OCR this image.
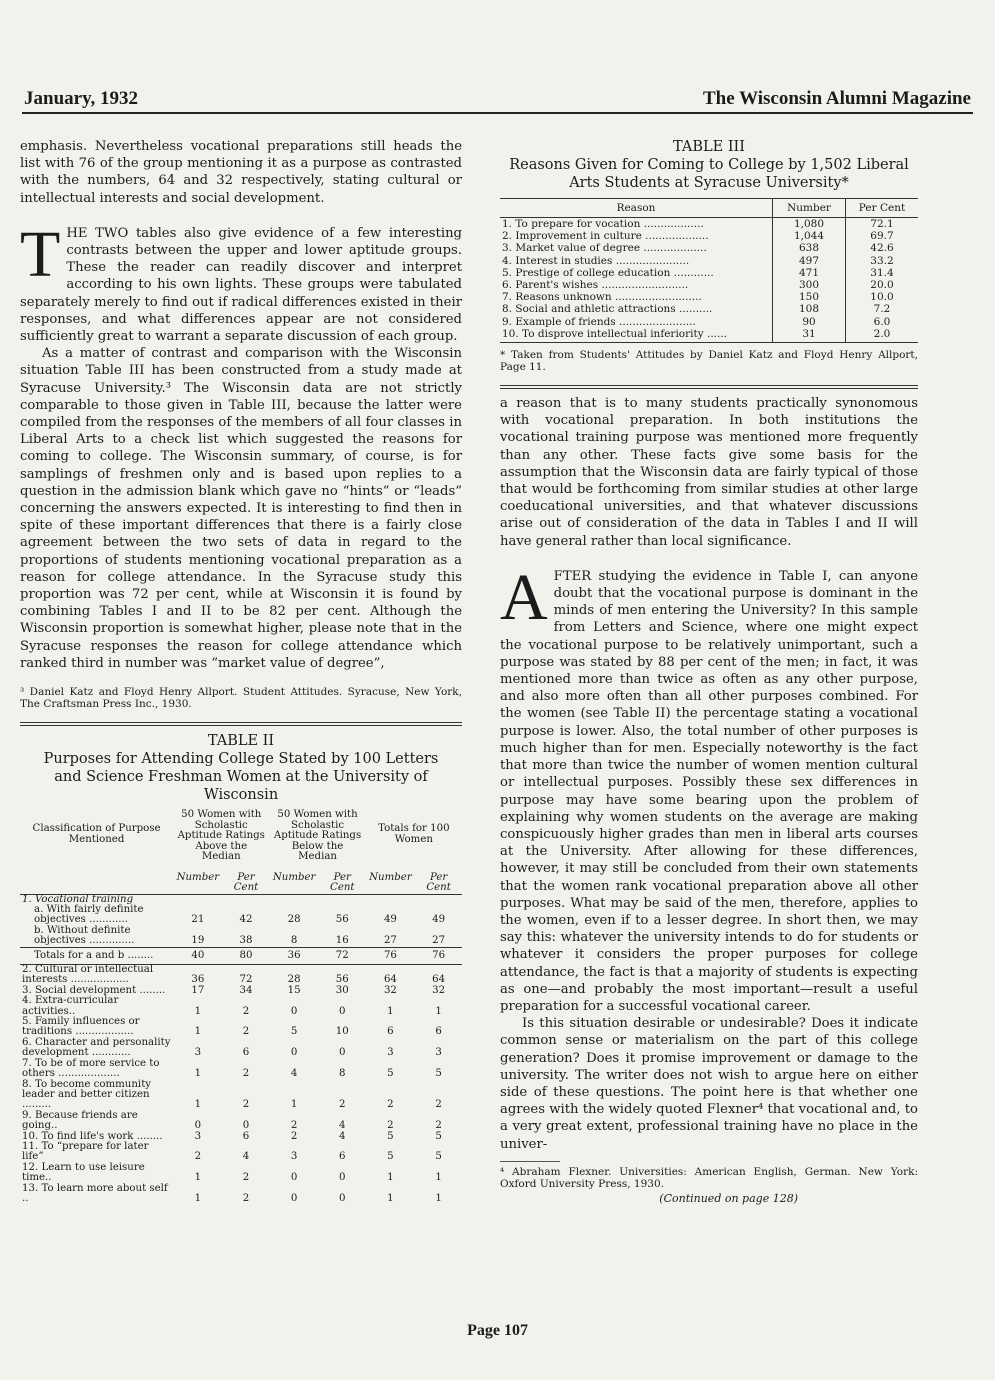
January, 1932	The Wisconsin Alumni Magazine

emphasis. Nevertheless vocational preparations still heads the list with 76 of the group mentioning it as a purpose as contrasted with the numbers, 64 and 32 respectively, stating cultural or intellectual interests and social development.

THE TWO tables also give evidence of a few interesting contrasts between the upper and lower aptitude groups. These the reader can readily discover and interpret according to his own lights. These groups were tabulated separately merely to find out if radical differences existed in their responses, and what differences appear are not considered sufficiently great to warrant a separate discussion of each group.

As a matter of contrast and comparison with the Wisconsin situation Table III has been constructed from a study made at Syracuse University.³ The Wisconsin data are not strictly comparable to those given in Table III, because the latter were compiled from the responses of the members of all four classes in Liberal Arts to a check list which suggested the reasons for coming to college. The Wisconsin summary, of course, is for samplings of freshmen only and is based upon replies to a question in the admission blank which gave no “hints” or “leads” concerning the answers expected. It is interesting to find then in spite of these important differences that there is a fairly close agreement between the two sets of data in regard to the proportions of students mentioning vocational preparation as a reason for college attendance. In the Syracuse study this proportion was 72 per cent, while at Wisconsin it is found by combining Tables I and II to be 82 per cent. Although the Wisconsin proportion is somewhat higher, please note that in the Syracuse responses the reason for college attendance which ranked third in number was “market value of degree”,

³ Daniel Katz and Floyd Henry Allport. Student Attitudes. Syracuse, New York, The Craftsman Press Inc., 1930.
TABLE II
Purposes for Attending College Stated by 100 Letters and Science Freshman Women at the University of Wisconsin
Classification of Purpose Mentioned	50 Women with Scholastic Aptitude Ratings Above the Median		50 Women with Scholastic Aptitude Ratings Below the Median		Totals for 100 Women	
	Number	Per Cent	Number	Per Cent	Number	Per Cent
1. Vocational training						
a. With fairly definite objectives ............	21	42	28	56	49	49
b. Without definite objectives ..............	19	38	8	16	27	27
Totals for a and b ........	40	80	36	72	76	76
2. Cultural or intellectual interests ..................	36	72	28	56	64	64
3. Social development ........	17	34	15	30	32	32
4. Extra-curricular activities..	1	2	0	0	1	1
5. Family influences or traditions ..................	1	2	5	10	6	6
6. Character and personality development ............	3	6	0	0	3	3
7. To be of more service to others ...................	1	2	4	8	5	5
8. To become community leader and better citizen .........	1	2	1	2	2	2
9. Because friends are going..	0	0	2	4	2	2
10. To find life's work ........	3	6	2	4	5	5
11. To “prepare for later life”	2	4	3	6	5	5
12. Learn to use leisure time..	1	2	0	0	1	1
13. To learn more about self ..	1	2	0	0	1	1
TABLE III
Reasons Given for Coming to College by 1,502 Liberal Arts Students at Syracuse University*
Reason	Number	Per Cent
1. To prepare for vocation ..................	1,080	72.1
2. Improvement in culture ...................	1,044	69.7
3. Market value of degree ...................	638	42.6
4. Interest in studies ......................	497	33.2
5. Prestige of college education ............	471	31.4
6. Parent's wishes ..........................	300	20.0
7. Reasons unknown ..........................	150	10.0
8. Social and athletic attractions ..........	108	7.2
9. Example of friends .......................	90	6.0
10. To disprove intellectual inferiority ......	31	2.0
* Taken from Students' Attitudes by Daniel Katz and Floyd Henry Allport, Page 11.

a reason that is to many students practically synonomous with vocational preparation. In both institutions the vocational training purpose was mentioned more frequently than any other. These facts give some basis for the assumption that the Wisconsin data are fairly typical of those that would be forthcoming from similar studies at other large coeducational universities, and that whatever discussions arise out of consideration of the data in Tables I and II will have general rather than local significance.

AFTER studying the evidence in Table I, can anyone doubt that the vocational purpose is dominant in the minds of men entering the University? In this sample from Letters and Science, where one might expect the vocational purpose to be relatively unimportant, such a purpose was stated by 88 per cent of the men; in fact, it was mentioned more than twice as often as any other purpose, and also more often than all other purposes combined. For the women (see Table II) the percentage stating a vocational purpose is lower. Also, the total number of other purposes is much higher than for men. Especially noteworthy is the fact that more than twice the number of women mention cultural or intellectual purposes. Possibly these sex differences in purpose may have some bearing upon the problem of explaining why women students on the average are making conspicuously higher grades than men in liberal arts courses at the University. After allowing for these differences, however, it may still be concluded from their own statements that the women rank vocational preparation above all other purposes. What may be said of the men, therefore, applies to the women, even if to a lesser degree. In short then, we may say this: whatever the university intends to do for students or whatever it considers the proper purposes for college attendance, the fact is that a majority of students is expecting as one—and probably the most important—result a useful preparation for a successful vocational career.

Is this situation desirable or undesirable? Does it indicate common sense or materialism on the part of this college generation? Does it promise improvement or damage to the university. The writer does not wish to argue here on either side of these questions. The point here is that whether one agrees with the widely quoted Flexner⁴ that vocational and, to a very great extent, professional training have no place in the univer-

⁴ Abraham Flexner. Universities: American English, German. New York: Oxford University Press, 1930.
(Continued on page 128)
Page 107
